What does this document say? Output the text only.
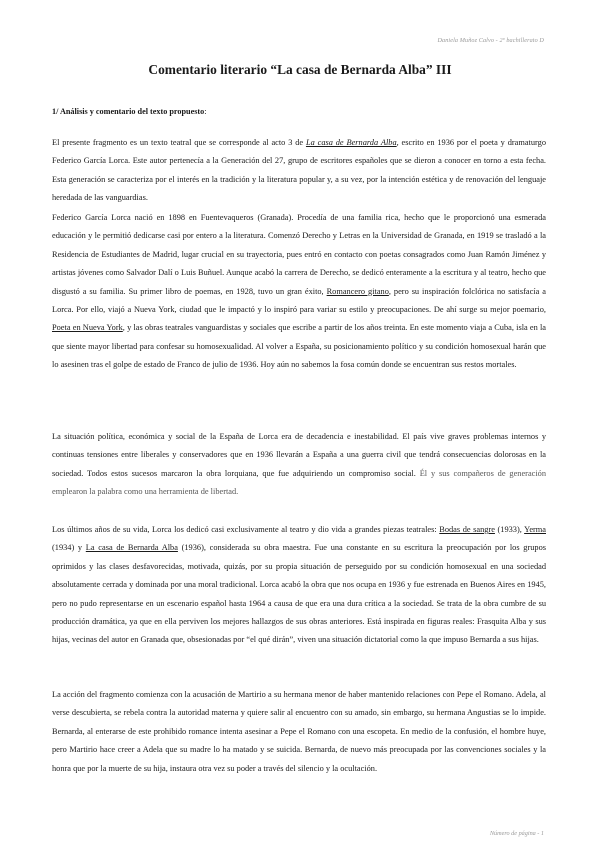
Daniela Muñoz Calvo - 2º bachillerato D
Comentario literario “La casa de Bernarda Alba” III
1/ Análisis y comentario del texto propuesto:

El presente fragmento es un texto teatral que se corresponde al acto 3 de La casa de Bernarda Alba, escrito en 1936 por el poeta y dramaturgo Federico García Lorca. Este autor pertenecía a la Generación del 27, grupo de escritores españoles que se dieron a conocer en torno a esta fecha. Esta generación se caracteriza por el interés en la tradición y la literatura popular y, a su vez, por la intención estética y de renovación del lenguaje heredada de las vanguardias.

Federico García Lorca nació en 1898 en Fuentevaqueros (Granada). Procedía de una familia rica, hecho que le proporcionó una esmerada educación y le permitió dedicarse casi por entero a la literatura. Comenzó Derecho y Letras en la Universidad de Granada, en 1919 se trasladó a la Residencia de Estudiantes de Madrid, lugar crucial en su trayectoria, pues entró en contacto con poetas consagrados como Juan Ramón Jiménez y artistas jóvenes como Salvador Dalí o Luis Buñuel. Aunque acabó la carrera de Derecho, se dedicó enteramente a la escritura y al teatro, hecho que disgustó a su familia. Su primer libro de poemas, en 1928, tuvo un gran éxito, Romancero gitano, pero su inspiración folclórica no satisfacía a Lorca. Por ello, viajó a Nueva York, ciudad que le impactó y lo inspiró para variar su estilo y preocupaciones. De ahí surge su mejor poemario, Poeta en Nueva York, y las obras teatrales vanguardistas y sociales que escribe a partir de los años treinta. En este momento viaja a Cuba, isla en la que siente mayor libertad para confesar su homosexualidad. Al volver a España, su posicionamiento político y su condición homosexual harán que lo asesinen tras el golpe de estado de Franco de julio de 1936. Hoy aún no sabemos la fosa común donde se encuentran sus restos mortales.

La situación política, económica y social de la España de Lorca era de decadencia e inestabilidad. El país vive graves problemas internos y continuas tensiones entre liberales y conservadores que en 1936 llevarán a España a una guerra civil que tendrá consecuencias dolorosas en la sociedad. Todos estos sucesos marcaron la obra lorquiana, que fue adquiriendo un compromiso social. Él y sus compañeros de generación emplearon la palabra como una herramienta de libertad.

Los últimos años de su vida, Lorca los dedicó casi exclusivamente al teatro y dio vida a grandes piezas teatrales: Bodas de sangre (1933), Yerma (1934) y La casa de Bernarda Alba (1936), considerada su obra maestra. Fue una constante en su escritura la preocupación por los grupos oprimidos y las clases desfavorecidas, motivada, quizás, por su propia situación de perseguido por su condición homosexual en una sociedad absolutamente cerrada y dominada por una moral tradicional. Lorca acabó la obra que nos ocupa en 1936 y fue estrenada en Buenos Aires en 1945, pero no pudo representarse en un escenario español hasta 1964 a causa de que era una dura crítica a la sociedad. Se trata de la obra cumbre de su producción dramática, ya que en ella perviven los mejores hallazgos de sus obras anteriores. Está inspirada en figuras reales: Frasquita Alba y sus hijas, vecinas del autor en Granada que, obsesionadas por “el qué dirán”, viven una situación dictatorial como la que impuso Bernarda a sus hijas.

La acción del fragmento comienza con la acusación de Martirio a su hermana menor de haber mantenido relaciones con Pepe el Romano. Adela, al verse descubierta, se rebela contra la autoridad materna y quiere salir al encuentro con su amado, sin embargo, su hermana Angustias se lo impide. Bernarda, al enterarse de este prohibido romance intenta asesinar a Pepe el Romano con una escopeta. En medio de la confusión, el hombre huye, pero Martirio hace creer a Adela que su madre lo ha matado y se suicida. Bernarda, de nuevo más preocupada por las convenciones sociales y la honra que por la muerte de su hija, instaura otra vez su poder a través del silencio y la ocultación.

Número de página - 1
